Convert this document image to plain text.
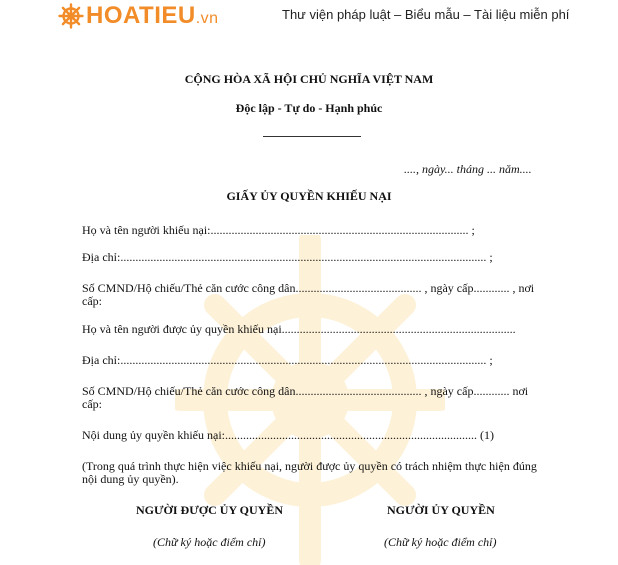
HOATIEU.vn	Thư viện pháp luật – Biểu mẫu – Tài liệu miễn phí
CỘNG HÒA XÃ HỘI CHỦ NGHĨA VIỆT NAM
Độc lập - Tự do - Hạnh phúc
...., ngày... tháng ... năm....
GIẤY ỦY QUYỀN KHIẾU NẠI
Họ và tên người khiếu nại:...................................................................................... ;
Địa chỉ:.......................................................................................................................... ;
Số CMND/Hộ chiếu/Thẻ căn cước công dân.......................................... , ngày cấp............ , nơi
cấp:
Họ và tên người được ủy quyền khiếu nại..............................................................................
Địa chỉ:.......................................................................................................................... ;
Số CMND/Hộ chiếu/Thẻ căn cước công dân.......................................... , ngày cấp............ nơi
cấp:
Nội dung ủy quyền khiếu nại:.................................................................................... (1)
(Trong quá trình thực hiện việc khiếu nại, người được ủy quyền có trách nhiệm thực hiện đúng nội dung ủy quyền).
NGƯỜI ĐƯỢC ỦY QUYỀN	NGƯỜI ỦY QUYỀN
(Chữ ký hoặc điểm chỉ)	(Chữ ký hoặc điểm chỉ)
